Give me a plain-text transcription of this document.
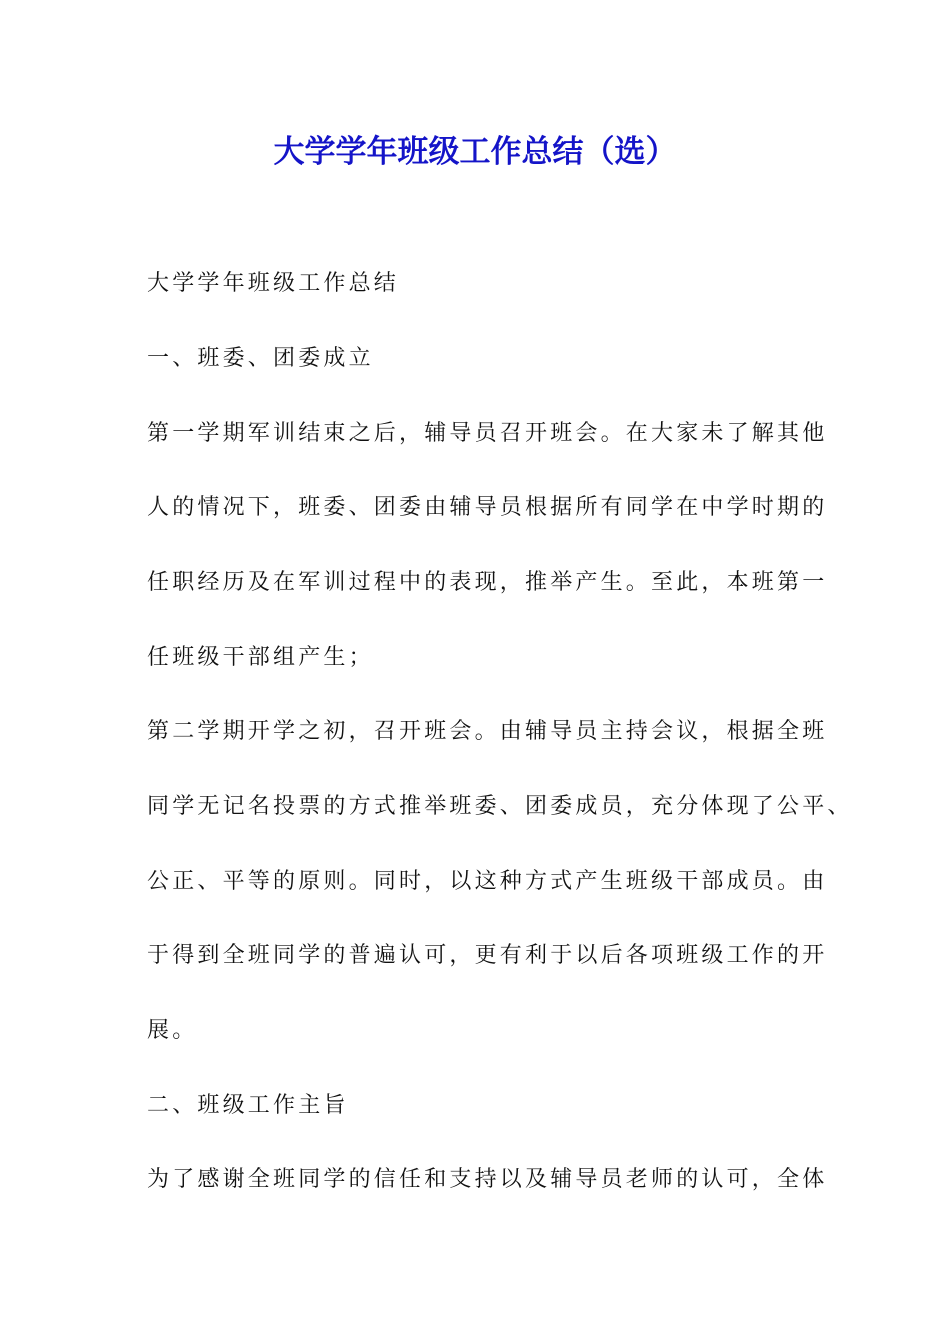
大学学年班级工作总结（选）

大学学年班级工作总结

一、班委、团委成立

第一学期军训结束之后，辅导员召开班会。在大家未了解其他

人的情况下，班委、团委由辅导员根据所有同学在中学时期的

任职经历及在军训过程中的表现，推举产生。至此，本班第一

任班级干部组产生；

第二学期开学之初，召开班会。由辅导员主持会议，根据全班

同学无记名投票的方式推举班委、团委成员，充分体现了公平、

公正、平等的原则。同时，以这种方式产生班级干部成员。由

于得到全班同学的普遍认可，更有利于以后各项班级工作的开

展。

二、班级工作主旨

为了感谢全班同学的信任和支持以及辅导员老师的认可，全体
